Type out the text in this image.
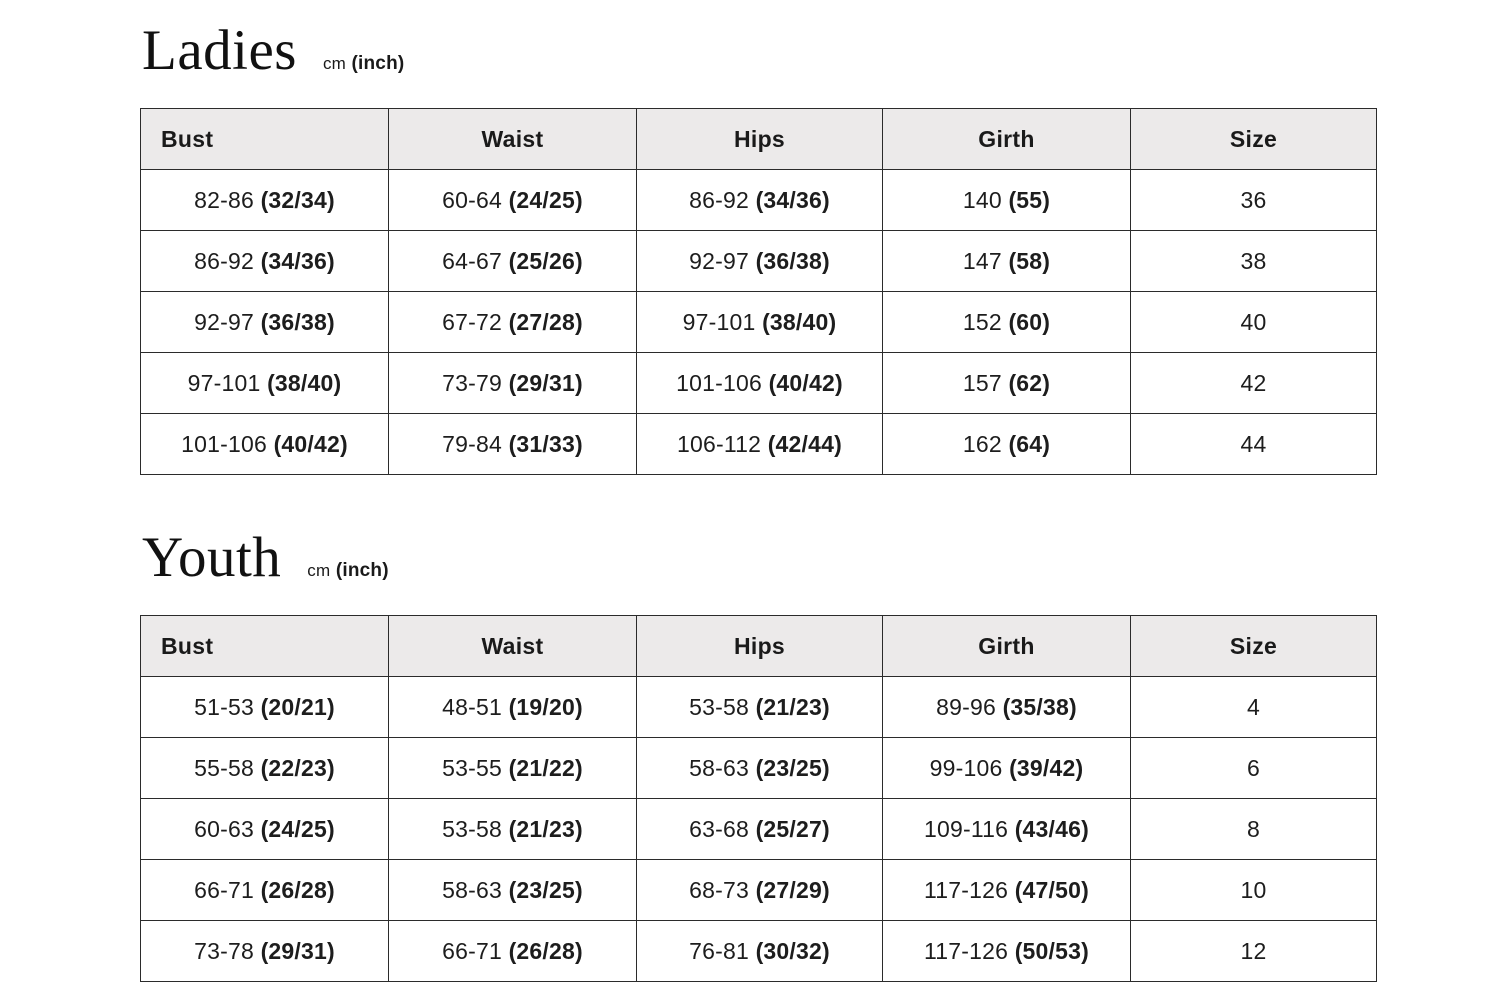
Ladies cm (inch)
Bust	Waist	Hips	Girth	Size
82-86 (32/34)	60-64 (24/25)	86-92 (34/36)	140 (55)	36
86-92 (34/36)	64-67 (25/26)	92-97 (36/38)	147 (58)	38
92-97 (36/38)	67-72 (27/28)	97-101 (38/40)	152 (60)	40
97-101 (38/40)	73-79 (29/31)	101-106 (40/42)	157 (62)	42
101-106 (40/42)	79-84 (31/33)	106-112 (42/44)	162 (64)	44
Youth cm (inch)
Bust	Waist	Hips	Girth	Size
51-53 (20/21)	48-51 (19/20)	53-58 (21/23)	89-96 (35/38)	4
55-58 (22/23)	53-55 (21/22)	58-63 (23/25)	99-106 (39/42)	6
60-63 (24/25)	53-58 (21/23)	63-68 (25/27)	109-116 (43/46)	8
66-71 (26/28)	58-63 (23/25)	68-73 (27/29)	117-126 (47/50)	10
73-78 (29/31)	66-71 (26/28)	76-81 (30/32)	117-126 (50/53)	12
